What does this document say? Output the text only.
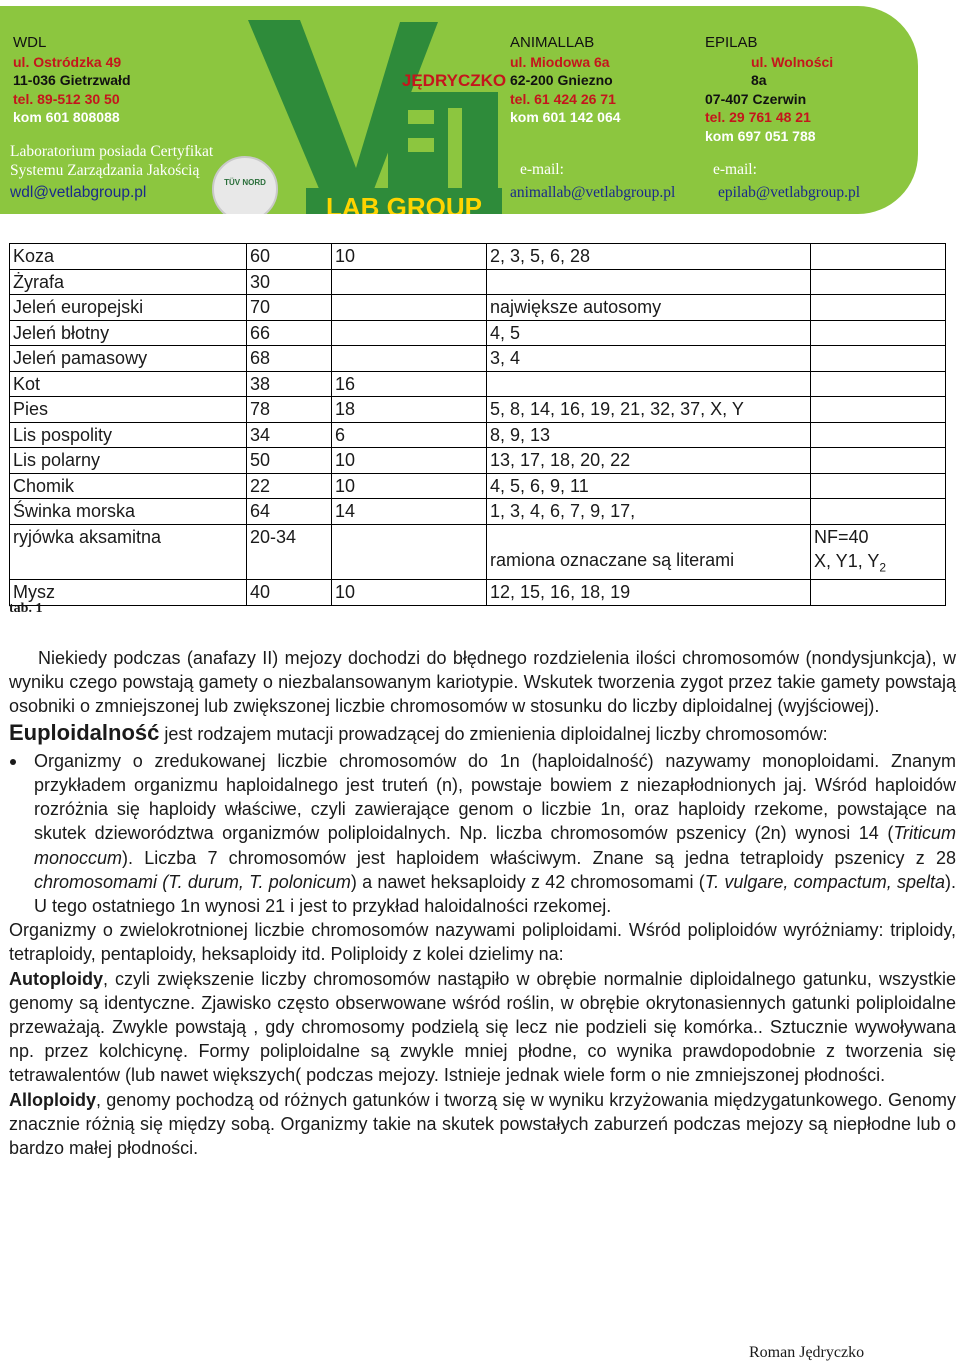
WDL
ul. Ostródzka 49
11-036 Gietrzwałd
tel. 89-512 30 50
kom 601 808088
Laboratorium posiada Certyfikat
Systemu Zarządzania Jakością
wdl@vetlabgroup.pl
TÜV NORD
LAB GROUP
JĘDRYCZKO
ANIMALLAB
ul. Miodowa 6a
62-200 Gniezno
tel. 61 424 26 71
kom 601 142 064
e-mail:
animallab@vetlabgroup.pl
EPILAB
ul. Wolności
8a
07-407 Czerwin
tel. 29 761 48 21
kom 697 051 788
e-mail:
epilab@vetlabgroup.pl
Koza	60	10	2, 3, 5, 6, 28	
Żyrafa	30			
Jeleń europejski	70		największe autosomy	
Jeleń błotny	66		4, 5	
Jeleń pamasowy	68		3, 4	
Kot	38	16		
Pies	78	18	5, 8, 14, 16, 19, 21, 32, 37, X, Y	
Lis pospolity	34	6	8, 9, 13	
Lis polarny	50	10	13, 17, 18, 20, 22	
Chomik	22	10	4, 5, 6, 9, 11	
Świnka morska	64	14	1, 3, 4, 6, 7, 9, 17,	
ryjówka aksamitna	20-34		ramiona oznaczane są literami	NF=40
X, Y1, $Y_2$

Mysz	40	10	12, 15, 16, 18, 19	
tab. 1

Niekiedy podczas (anafazy II) mejozy dochodzi do błędnego rozdzielenia ilości chromosomów (nondysjunkcja), w wyniku czego powstają gamety o niezbalansowanym kariotypie. Wskutek tworzenia zygot przez takie gamety powstają osobniki o zmniejszonej lub zwiększonej liczbie chromosomów w stosunku do liczby diploidalnej (wyjściowej).

Euploidalność jest rodzajem mutacji prowadzącej do zmienienia diploidalnej liczby chromosomów:

Organizmy o zredukowanej liczbie chromosomów do 1n (haploidalność) nazywamy monoploidami. Znanym przykładem organizmu haploidalnego jest truteń (n), powstaje bowiem z niezapłodnionych jaj. Wśród haploidów rozróżnia się haploidy właściwe, czyli zawierające genom o liczbie 1n, oraz haploidy rzekome, powstające na skutek dzieworództwa organizmów poliploidalnych. Np. liczba chromosomów pszenicy (2n) wynosi 14 (Triticum monoccum). Liczba 7 chromosomów jest haploidem właściwym. Znane są jedna tetraploidy pszenicy z 28 chromosomami (T. durum, T. polonicum) a nawet heksaploidy z 42 chromosomami (T. vulgare, compactum, spelta). U tego ostatniego 1n wynosi 21 i jest to przykład haloidalności rzekomej.

Organizmy o zwielokrotnionej liczbie chromosomów nazywami poliploidami. Wśród poliploidów wyróżniamy: triploidy, tetraploidy, pentaploidy, heksaploidy itd. Poliploidy z kolei dzielimy na:

Autoploidy, czyli zwiększenie liczby chromosomów nastąpiło w obrębie normalnie diploidalnego gatunku, wszystkie genomy są identyczne. Zjawisko często obserwowane wśród roślin, w obrębie okrytonasiennych gatunki poliploidalne przeważają. Zwykle powstają , gdy chromosomy podzielą się lecz nie podzieli się komórka.. Sztucznie wywoływana np. przez kolchicynę. Formy poliploidalne są zwykle mniej płodne, co wynika prawdopodobnie z tworzenia się tetrawalentów (lub nawet większych( podczas mejozy. Istnieje jednak wiele form o nie zmniejszonej płodności.

Alloploidy, genomy pochodzą od różnych gatunków i tworzą się w wyniku krzyżowania międzygatunkowego. Genomy znacznie różnią się między sobą. Organizmy takie na skutek powstałych zaburzeń podczas mejozy są niepłodne lub o bardzo małej płodności.

Roman Jędryczko
